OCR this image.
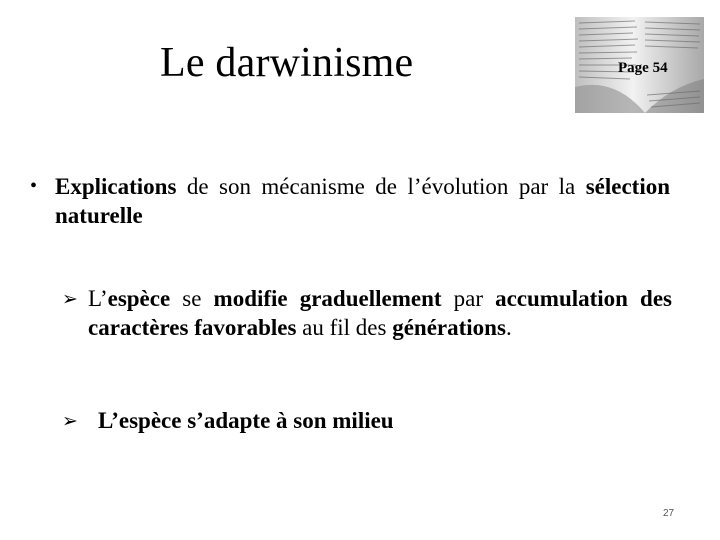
Le darwinisme	Page 54
• Explications de son mécanisme de l’évolution par la sélection naturelle
➢ L’espèce se modifie graduellement par accumulation des caractères favorables au fil des générations.
➢ L’espèce s’adapte à son milieu
27
